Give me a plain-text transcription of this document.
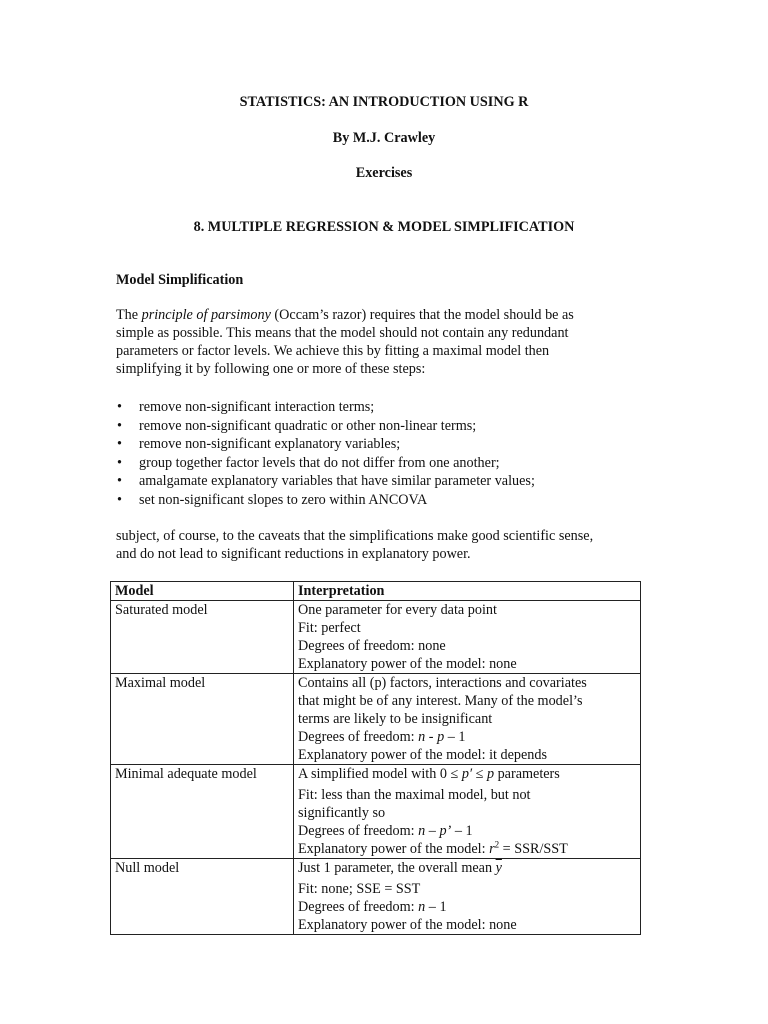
STATISTICS: AN INTRODUCTION USING R
By M.J. Crawley
Exercises
8. MULTIPLE REGRESSION & MODEL SIMPLIFICATION
Model Simplification
The principle of parsimony (Occam’s razor) requires that the model should be as
simple as possible. This means that the model should not contain any redundant
parameters or factor levels. We achieve this by fitting a maximal model then
simplifying it by following one or more of these steps:
• remove non-significant interaction terms;
• remove non-significant quadratic or other non-linear terms;
• remove non-significant explanatory variables;
• group together factor levels that do not differ from one another;
• amalgamate explanatory variables that have similar parameter values;
• set non-significant slopes to zero within ANCOVA
subject, of course, to the caveats that the simplifications make good scientific sense,
and do not lead to significant reductions in explanatory power.
Model	Interpretation
Saturated model	One parameter for every data point
Fit: perfect
Degrees of freedom: none
Explanatory power of the model: none

Maximal model	Contains all (p) factors, interactions and covariates
that might be of any interest. Many of the model’s
terms are likely to be insignificant
Degrees of freedom: n - p – 1
Explanatory power of the model: it depends

Minimal adequate model	A simplified model with 0 ≤ p′ ≤ p parameters
Fit: less than the maximal model, but not
significantly so
Degrees of freedom: n – p’ – 1
Explanatory power of the model: $r^2 = SSR/SST$

Null model	Just 1 parameter, the overall mean $\overline{y}$
Fit: none; SSE = SST
Degrees of freedom: n – 1
Explanatory power of the model: none
